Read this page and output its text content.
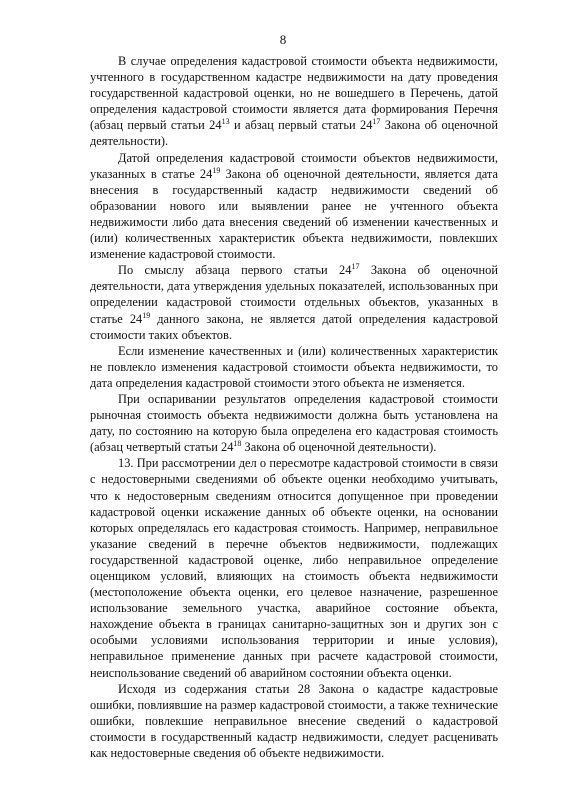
8

В случае определения кадастровой стоимости объекта недвижимости, учтенного в государственном кадастре недвижимости на дату проведения государственной кадастровой оценки, но не вошедшего в Перечень, датой определения кадастровой стоимости является дата формирования Перечня (абзац первый статьи $24^{13}$ и абзац первый статьи $24^{17}$ Закона об оценочной деятельности).

Датой определения кадастровой стоимости объектов недвижимости, указанных в статье $24^{19}$ Закона об оценочной деятельности, является дата внесения в государственный кадастр недвижимости сведений об образовании нового или выявлении ранее не учтенного объекта недвижимости либо дата внесения сведений об изменении качественных и (или) количественных характеристик объекта недвижимости, повлекших изменение кадастровой стоимости.

По смыслу абзаца первого статьи $24^{17}$ Закона об оценочной деятельности, дата утверждения удельных показателей, использованных при определении кадастровой стоимости отдельных объектов, указанных в статье $24^{19}$ данного закона, не является датой определения кадастровой стоимости таких объектов.

Если изменение качественных и (или) количественных характеристик не повлекло изменения кадастровой стоимости объекта недвижимости, то дата определения кадастровой стоимости этого объекта не изменяется.

При оспаривании результатов определения кадастровой стоимости рыночная стоимость объекта недвижимости должна быть установлена на дату, по состоянию на которую была определена его кадастровая стоимость (абзац четвертый статьи $24^{18}$ Закона об оценочной деятельности).

13. При рассмотрении дел о пересмотре кадастровой стоимости в связи с недостоверными сведениями об объекте оценки необходимо учитывать, что к недостоверным сведениям относится допущенное при проведении кадастровой оценки искажение данных об объекте оценки, на основании которых определялась его кадастровая стоимость. Например, неправильное указание сведений в перечне объектов недвижимости, подлежащих государственной кадастровой оценке, либо неправильное определение оценщиком условий, влияющих на стоимость объекта недвижимости (местоположение объекта оценки, его целевое назначение, разрешенное использование земельного участка, аварийное состояние объекта, нахождение объекта в границах санитарно-защитных зон и других зон с особыми условиями использования территории и иные условия), неправильное применение данных при расчете кадастровой стоимости, неиспользование сведений об аварийном состоянии объекта оценки.

Исходя из содержания статьи 28 Закона о кадастре кадастровые ошибки, повлиявшие на размер кадастровой стоимости, а также технические ошибки, повлекшие неправильное внесение сведений о кадастровой стоимости в государственный кадастр недвижимости, следует расценивать как недостоверные сведения об объекте недвижимости.
